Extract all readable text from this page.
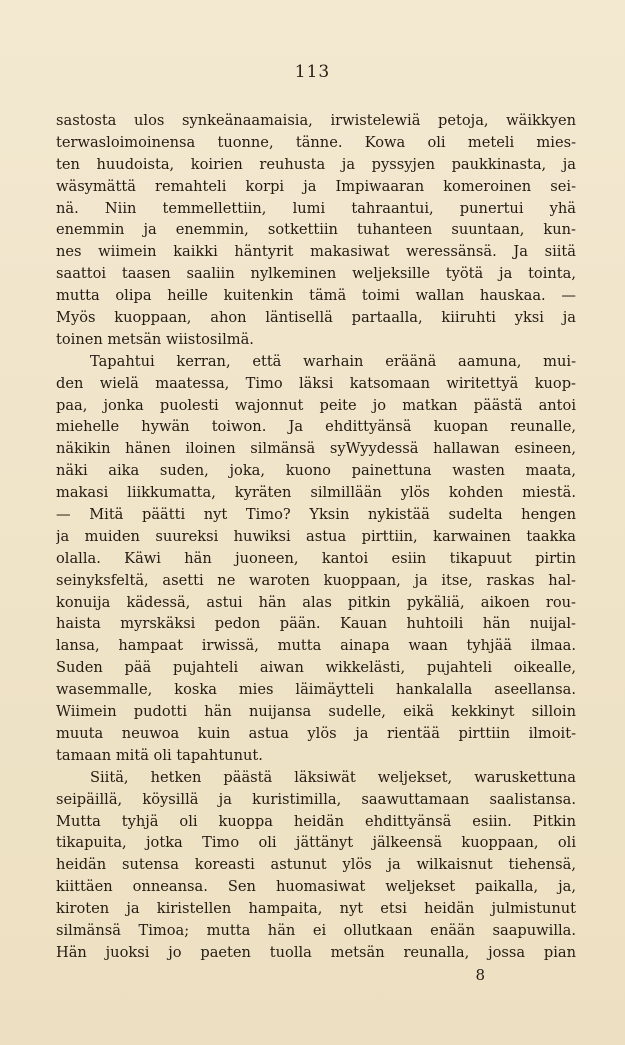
113
sastosta ulos synkeänaamaisia, irwistelewiä petoja, wäikkyen
terwasloimoinensa tuonne, tänne. Kowa oli meteli mies-
ten huudoista, koirien reuhusta ja pyssyjen paukkinasta, ja
wäsymättä remahteli korpi ja Impiwaaran komeroinen sei-
nä. Niin temmellettiin, lumi tahraantui, punertui yhä
enemmin ja enemmin, sotkettiin tuhanteen suuntaan, kun-
nes wiimein kaikki häntyrit makasiwat weressänsä. Ja siitä
saattoi taasen saaliin nylkeminen weljeksille työtä ja tointa,
mutta olipa heille kuitenkin tämä toimi wallan hauskaa. —
Myös kuoppaan, ahon läntisellä partaalla, kiiruhti yksi ja
toinen metsän wiistosilmä.
Tapahtui kerran, että warhain eräänä aamuna, mui-
den wielä maatessa, Timo läksi katsomaan wiritettyä kuop-
paa, jonka puolesti wajonnut peite jo matkan päästä antoi
miehelle hywän toiwon. Ja ehdittyänsä kuopan reunalle,
näkikin hänen iloinen silmänsä syWyydessä hallawan esineen,
näki aika suden, joka, kuono painettuna wasten maata,
makasi liikkumatta, kyräten silmillään ylös kohden miestä.
— Mitä päätti nyt Timo? Yksin nykistää sudelta hengen
ja muiden suureksi huwiksi astua pirttiin, karwainen taakka
olalla. Käwi hän juoneen, kantoi esiin tikapuut pirtin
seinyksfeltä, asetti ne waroten kuoppaan, ja itse, raskas hal-
konuija kädessä, astui hän alas pitkin pykäliä, aikoen rou-
haista myrskäksi pedon pään. Kauan huhtoili hän nuijal-
lansa, hampaat irwissä, mutta ainapa waan tyhjää ilmaa.
Suden pää pujahteli aiwan wikkelästi, pujahteli oikealle,
wasemmalle, koska mies läimäytteli hankalalla aseellansa.
Wiimein pudotti hän nuijansa sudelle, eikä kekkinyt silloin
muuta neuwoa kuin astua ylös ja rientää pirttiin ilmoit-
tamaan mitä oli tapahtunut.
Siitä, hetken päästä läksiwät weljekset, waruskettuna
seipäillä, köysillä ja kuristimilla, saawuttamaan saalistansa.
Mutta tyhjä oli kuoppa heidän ehdittyänsä esiin. Pitkin
tikapuita, jotka Timo oli jättänyt jälkeensä kuoppaan, oli
heidän sutensa koreasti astunut ylös ja wilkaisnut tiehensä,
kiittäen onneansa. Sen huomasiwat weljekset paikalla, ja,
kiroten ja kiristellen hampaita, nyt etsi heidän julmistunut
silmänsä Timoa; mutta hän ei ollutkaan enään saapuwilla.
Hän juoksi jo paeten tuolla metsän reunalla, jossa pian
8
